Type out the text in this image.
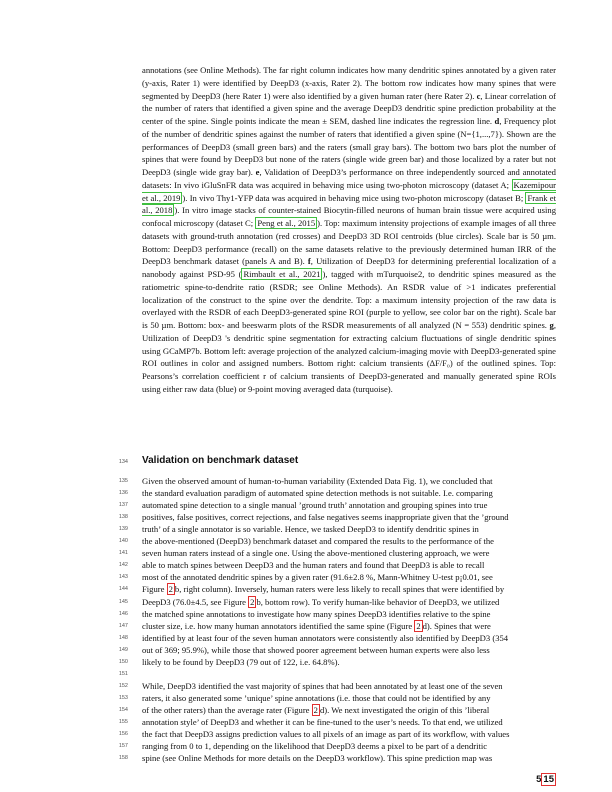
annotations (see Online Methods). The far right column indicates how many dendritic spines annotated by a given rater (y-axis, Rater 1) were identified by DeepD3 (x-axis, Rater 2). The bottom row indicates how many spines that were segmented by DeepD3 (here Rater 1) were also identified by a given human rater (here Rater 2). c, Linear correlation of the number of raters that identified a given spine and the average DeepD3 dendritic spine prediction probability at the center of the spine. Single points indicate the mean ± SEM, dashed line indicates the regression line. d, Frequency plot of the number of dendritic spines against the number of raters that identified a given spine (N={1,...,7}). Shown are the performances of DeepD3 (small green bars) and the raters (small gray bars). The bottom two bars plot the number of spines that were found by DeepD3 but none of the raters (single wide green bar) and those localized by a rater but not DeepD3 (single wide gray bar). e, Validation of DeepD3’s performance on three independently sourced and annotated datasets: In vivo iGluSnFR data was acquired in behaving mice using two-photon microscopy (dataset A; Kazemipour et al., 2019 ). In vivo Thy1-YFP data was acquired in behaving mice using two-photon microscopy (dataset B; Frank et al., 2018 ). In vitro image stacks of counter-stained Biocytin-filled neurons of human brain tissue were acquired using confocal microscopy (dataset C; Peng et al., 2015 ). Top: maximum intensity projections of example images of all three datasets with ground-truth annotation (red crosses) and DeepD3 3D ROI centroids (blue circles). Scale bar is 50 µm. Bottom: DeepD3 performance (recall) on the same datasets relative to the previously determined human IRR of the DeepD3 benchmark dataset (panels A and B). f, Utilization of DeepD3 for determining preferential localization of a nanobody against PSD-95 ( Rimbault et al., 2021 ), tagged with mTurquoise2, to dendritic spines measured as the ratiometric spine-to-dendrite ratio (RSDR; see Online Methods). An RSDR value of >1 indicates preferential localization of the construct to the spine over the dendrite. Top: a maximum intensity projection of the raw data is overlayed with the RSDR of each DeepD3-generated spine ROI (purple to yellow, see color bar on the right). Scale bar is 50 µm. Bottom: box- and beeswarm plots of the RSDR measurements of all analyzed (N = 553) dendritic spines. g, Utilization of DeepD3 's dendritic spine segmentation for extracting calcium fluctuations of single dendritic spines using GCaMP7b. Bottom left: average projection of the analyzed calcium-imaging movie with DeepD3-generated spine ROI outlines in color and assigned numbers. Bottom right: calcium transients (∆F/F₀) of the outlined spines. Top: Pearsons’s correlation coefficient r of calcium transients of DeepD3-generated and manually generated spine ROIs using either raw data (blue) or 9-point moving averaged data (turquoise).
134 Validation on benchmark dataset
135 Given the observed amount of human-to-human variability (Extended Data Fig. 1), we concluded that
136 the standard evaluation paradigm of automated spine detection methods is not suitable. I.e. comparing
137 automated spine detection to a single manual ’ground truth’ annotation and grouping spines into true
138 positives, false positives, correct rejections, and false negatives seems inappropriate given that the ’ground
139 truth’ of a single annotator is so variable. Hence, we tasked DeepD3 to identify dendritic spines in
140 the above-mentioned (DeepD3) benchmark dataset and compared the results to the performance of the
141 seven human raters instead of a single one. Using the above-mentioned clustering approach, we were
142 able to match spines between DeepD3 and the human raters and found that DeepD3 is able to recall
143 most of the annotated dendritic spines by a given rater (91.6±2.8 %, Mann-Whitney U-test p¡0.01, see
144 Figure 2 b, right column). Inversely, human raters were less likely to recall spines that were identified by
145 DeepD3 (76.0±4.5, see Figure 2 b, bottom row). To verify human-like behavior of DeepD3, we utilized
146 the matched spine annotations to investigate how many spines DeepD3 identifies relative to the spine
147 cluster size, i.e. how many human annotators identified the same spine (Figure 2 d). Spines that were
148 identified by at least four of the seven human annotators were consistently also identified by DeepD3 (354
149 out of 369; 95.9%), while those that showed poorer agreement between human experts were also less
150 likely to be found by DeepD3 (79 out of 122, i.e. 64.8%).
151
152 While, DeepD3 identified the vast majority of spines that had been annotated by at least one of the seven
153 raters, it also generated some ’unique’ spine annotations (i.e. those that could not be identified by any
154 of the other raters) than the average rater (Figure 2 d). We next investigated the origin of this ’liberal
155 annotation style’ of DeepD3 and whether it can be fine-tuned to the user’s needs. To that end, we utilized
156 the fact that DeepD3 assigns prediction values to all pixels of an image as part of its workflow, with values
157 ranging from 0 to 1, depending on the likelihood that DeepD3 deems a pixel to be part of a dendritic
158 spine (see Online Methods for more details on the DeepD3 workflow). This spine prediction map was
5 15
